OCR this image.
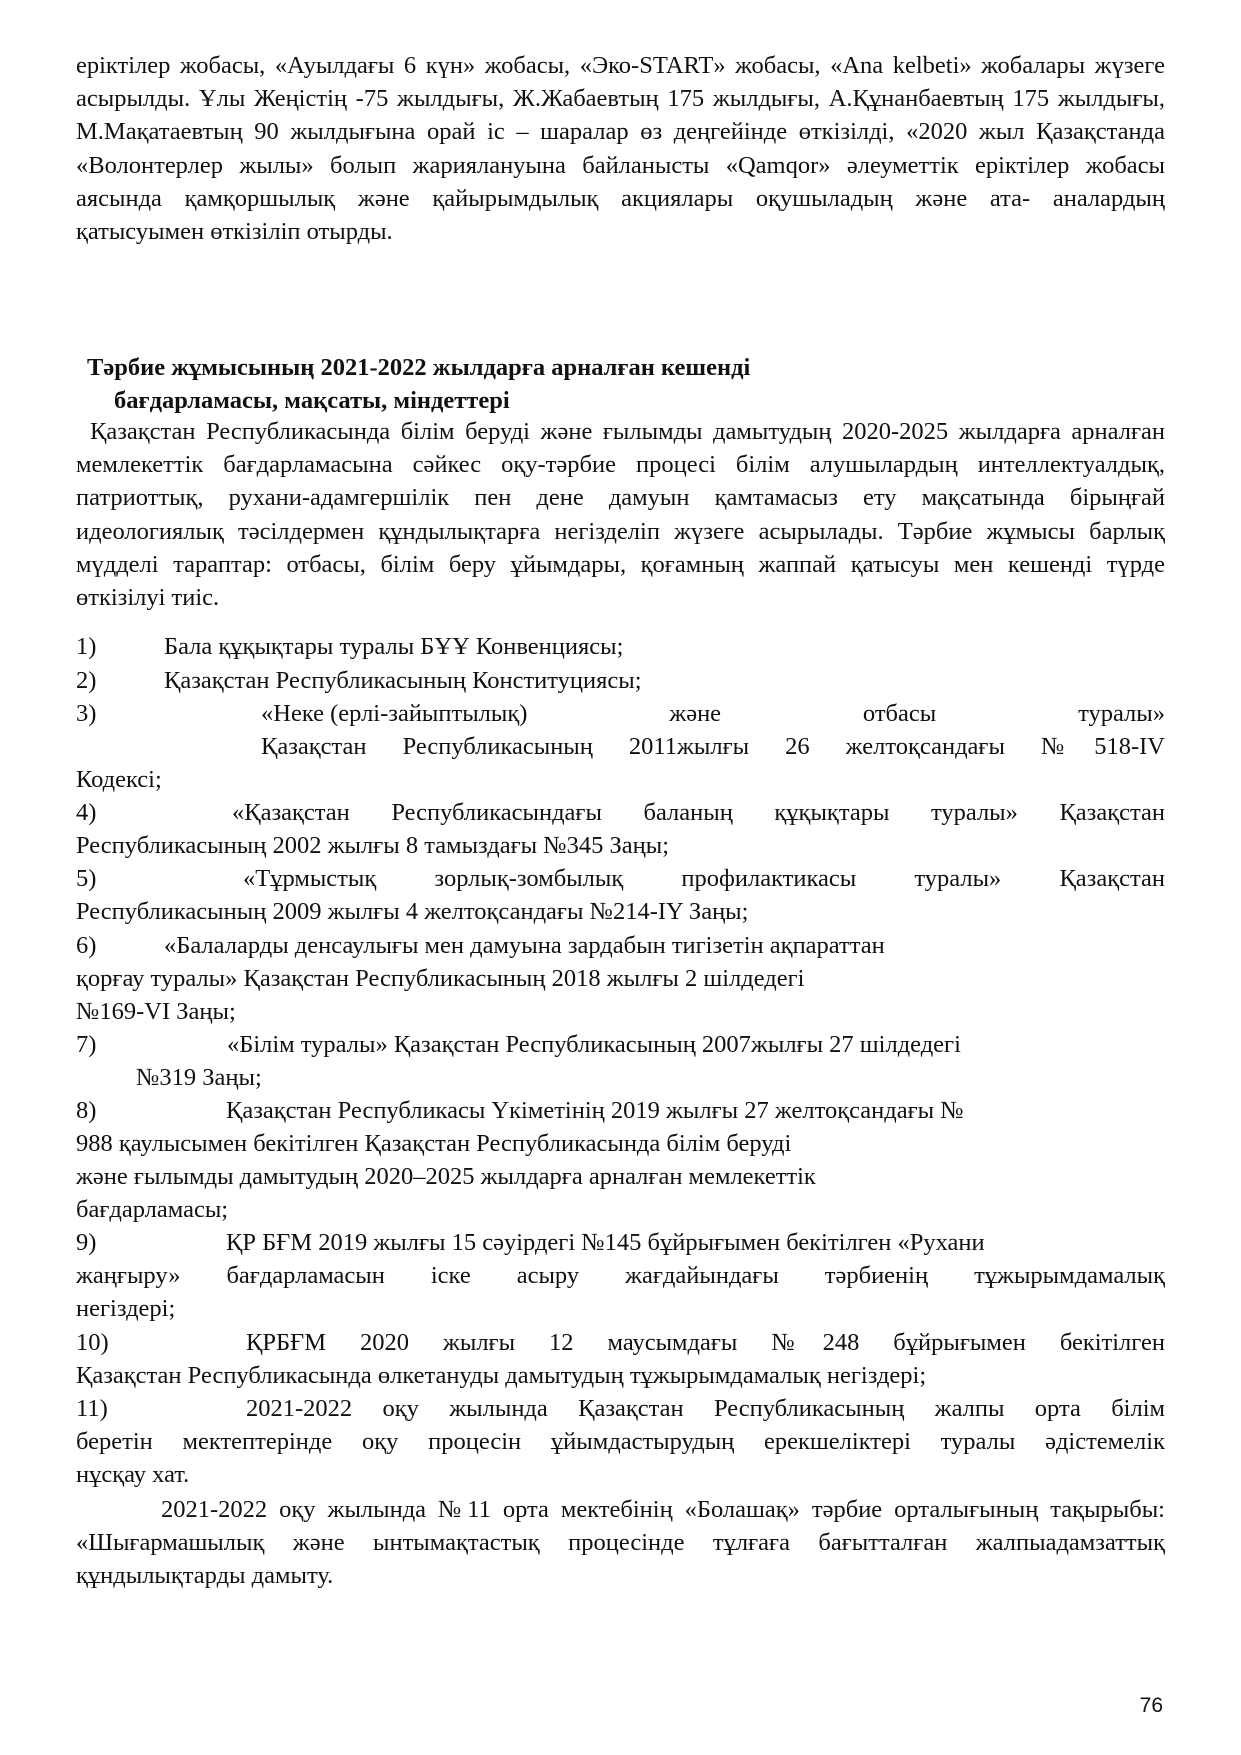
еріктілер жобасы, «Ауылдағы 6 күн» жобасы, «Эко-START» жобасы, «Ana kelbeti» жобалары жүзеге асырылды. Ұлы Жеңістің -75 жылдығы, Ж.Жабаевтың 175 жылдығы, А.Құнанбаевтың 175 жылдығы, М.Мақатаевтың 90 жылдығына орай іс – шаралар өз деңгейінде өткізілді, «2020 жыл Қазақстанда «Волонтерлер жылы» болып жариялануына байланысты «Qamqor» әлеуметтік еріктілер жобасы аясында қамқоршылық және қайырымдылық акциялары оқушыладың және ата- аналардың қатысуымен өткізіліп отырды.
Тәрбие жұмысының 2021-2022 жылдарға арналған кешенді
бағдарламасы, мақсаты, міндеттері
Қазақстан Республикасында білім беруді және ғылымды дамытудың 2020-2025 жылдарға арналған мемлекеттік бағдарламасына сәйкес оқу-тәрбие процесі білім алушылардың интеллектуалдық, патриоттық, рухани-адамгершілік пен дене дамуын қамтамасыз ету мақсатында бірыңғай идеологиялық тәсілдермен құндылықтарға негізделіп жүзеге асырылады. Тәрбие жұмысы барлық мүдделі тараптар: отбасы, білім беру ұйымдары, қоғамның жаппай қатысуы мен кешенді түрде өткізілуі тиіс.
1)	Бала құқықтары туралы БҰҰ Конвенциясы;
2)	Қазақстан Республикасының Конституциясы;
3)	«Неке (ерлі-зайыптылық)	және	отбасы	туралы»
Қазақстан Республикасының 2011жылғы 26 желтоқсандағы №518-IV
Кодексі;
4)	«Қазақстан Республикасындағы баланың құқықтары туралы» Қазақстан
Республикасының 2002 жылғы 8 тамыздағы №345 Заңы;
5)	«Тұрмыстық зорлық-зомбылық профилактикасы туралы» Қазақстан
Республикасының 2009 жылғы 4 желтоқсандағы №214-ІY Заңы;
6)	«Балаларды денсаулығы мен дамуына зардабын тигізетін ақпараттан
қорғау туралы» Қазақстан Республикасының 2018 жылғы 2 шілдедегі
№169-VI Заңы;
7)	«Білім туралы» Қазақстан Республикасының 2007жылғы 27 шілдедегі
№319 Заңы;
8)	Қазақстан Республикасы Үкіметінің 2019 жылғы 27 желтоқсандағы №
988 қаулысымен бекітілген Қазақстан Республикасында білім беруді
және ғылымды дамытудың 2020–2025 жылдарға арналған мемлекеттік
бағдарламасы;
9)	ҚР БҒМ 2019 жылғы 15 сәуірдегі №145 бұйрығымен бекітілген «Рухани
жаңғыру» бағдарламасын іске асыру жағдайындағы тәрбиенің тұжырымдамалық
негіздері;
10)	ҚРБҒМ 2020 жылғы 12 маусымдағы №248 бұйрығымен бекітілген
Қазақстан Республикасында өлкетануды дамытудың тұжырымдамалық негіздері;
11)	2021-2022 оқу жылында Қазақстан Республикасының жалпы орта білім
беретін мектептерінде оқу процесін ұйымдастырудың ерекшеліктері туралы әдістемелік
нұсқау хат.
2021-2022 оқу жылында №11 орта мектебінің «Болашақ» тәрбие орталығының тақырыбы: «Шығармашылық және ынтымақтастық процесінде тұлғаға бағытталған жалпыадамзаттық құндылықтарды дамыту.
76
